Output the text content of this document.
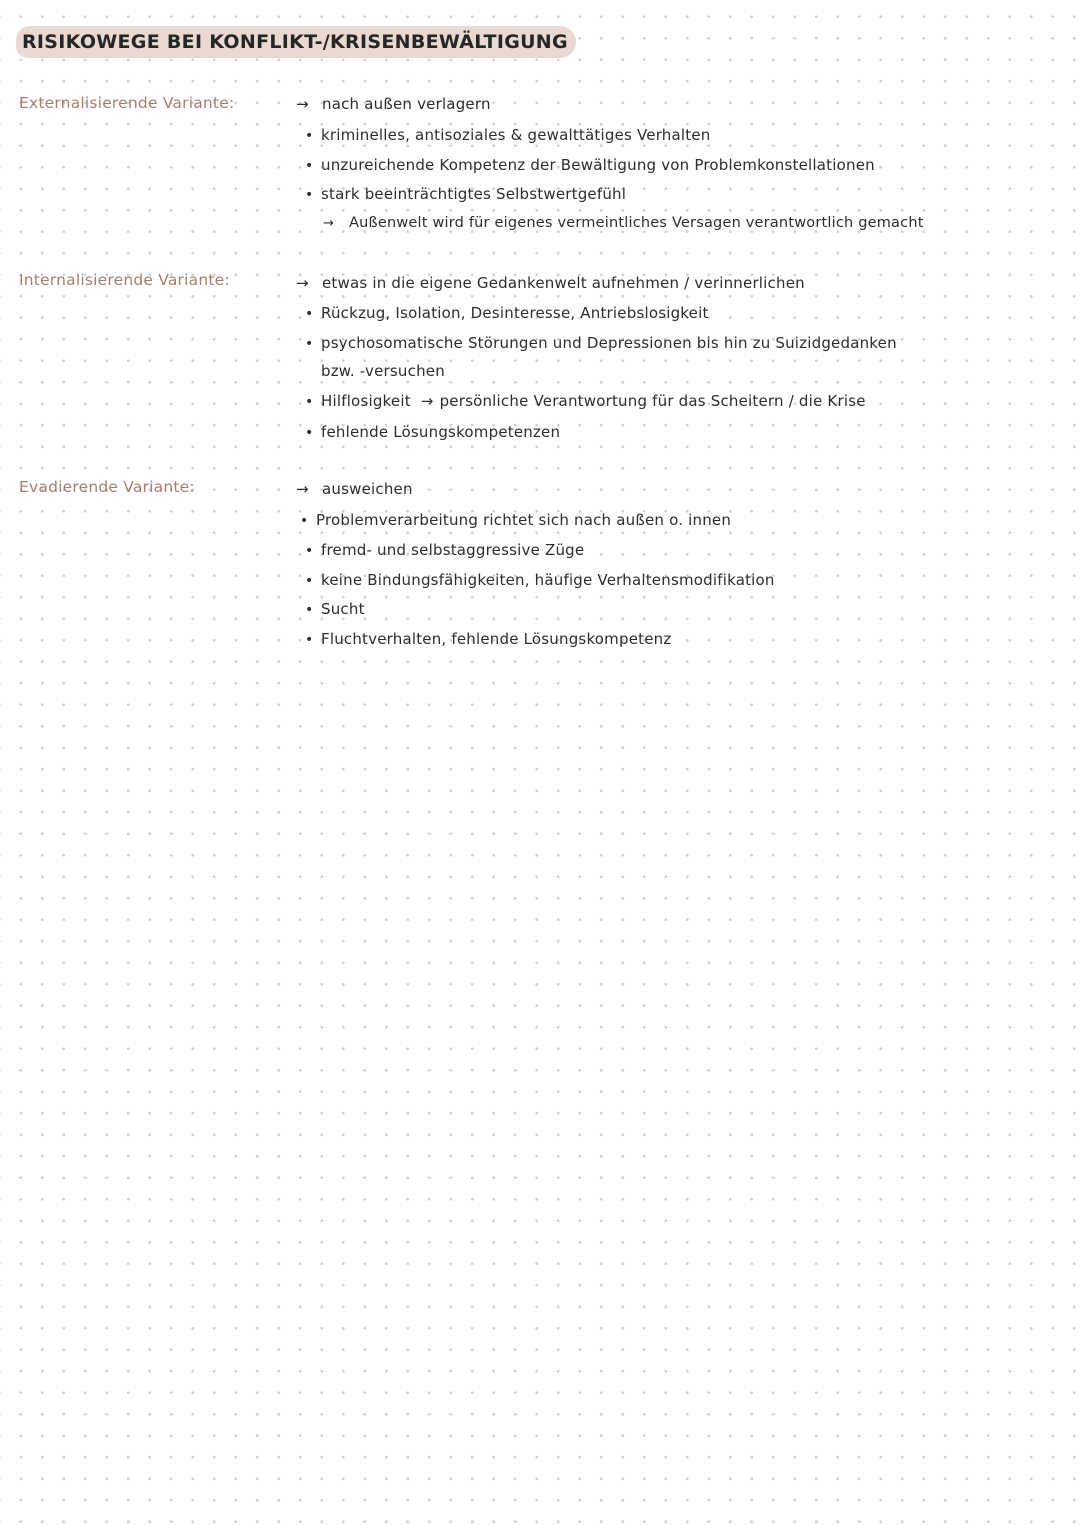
RISIKOWEGE BEI KONFLIKT-/KRISENBEWÄLTIGUNG
Externalisierende Variante:	→ nach außen verlagern
• kriminelles, antisoziales & gewalttätiges Verhalten
• unzureichende Kompetenz der Bewältigung von Problemkonstellationen
• stark beeinträchtigtes Selbstwertgefühl
→ Außenwelt wird für eigenes vermeintliches Versagen verantwortlich gemacht
Internalisierende Variante:	→ etwas in die eigene Gedankenwelt aufnehmen / verinnerlichen
• Rückzug, Isolation, Desinteresse, Antriebslosigkeit
• psychosomatische Störungen und Depressionen bis hin zu Suizidgedanken
bzw. -versuchen
• Hilflosigkeit → persönliche Verantwortung für das Scheitern / die Krise
• fehlende Lösungskompetenzen
Evadierende Variante:	→ ausweichen
• Problemverarbeitung richtet sich nach außen o. innen
• fremd- und selbstaggressive Züge
• keine Bindungsfähigkeiten, häufige Verhaltensmodifikation
• Sucht
• Fluchtverhalten, fehlende Lösungskompetenz
